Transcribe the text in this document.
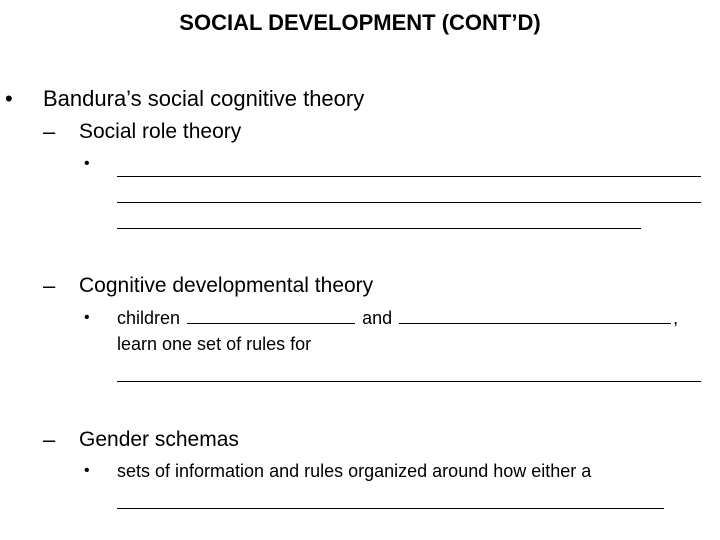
SOCIAL DEVELOPMENT (CONT’D)
• Bandura’s social cognitive theory
– Social role theory
•
– Cognitive developmental theory
• children	and	,
learn one set of rules for
– Gender schemas
• sets of information and rules organized around how either a
